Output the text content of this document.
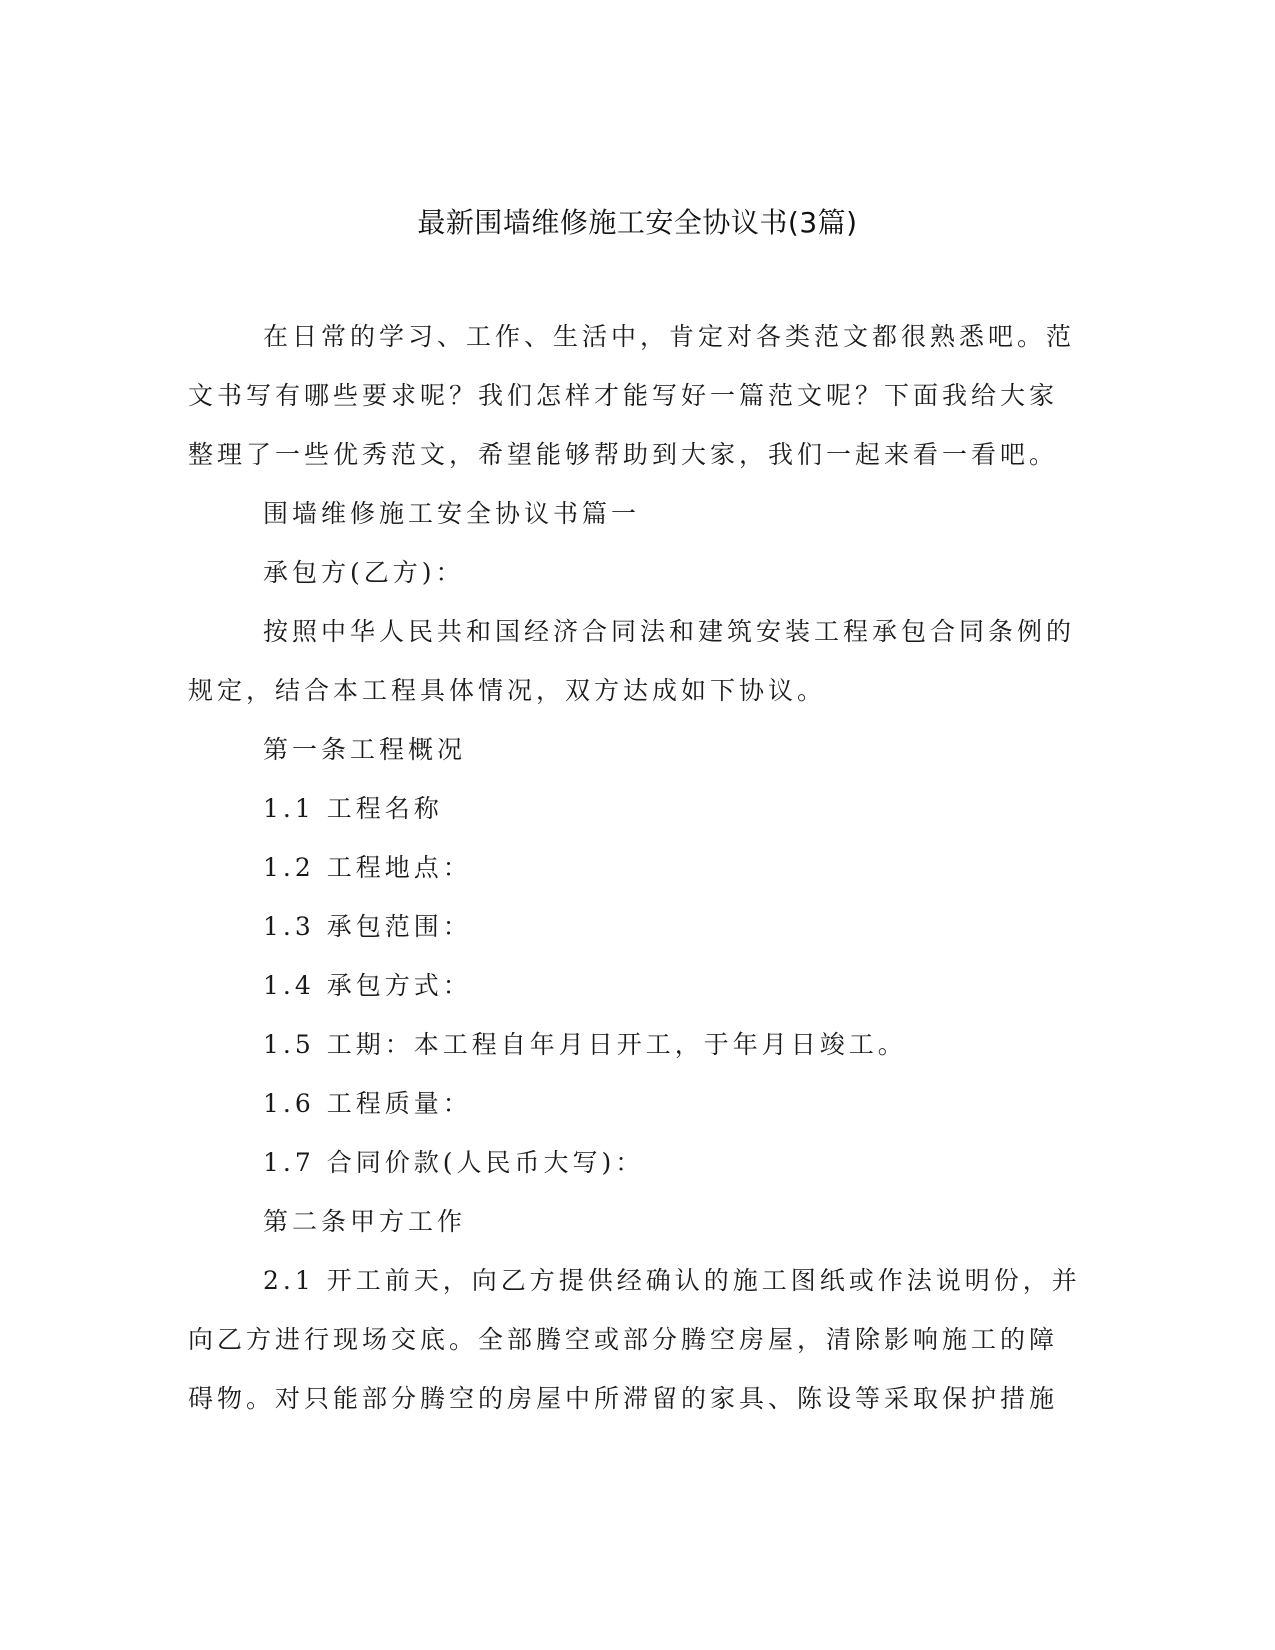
最新围墙维修施工安全协议书(3篇)
在日常的学习、工作、生活中，肯定对各类范文都很熟悉吧。范
文书写有哪些要求呢？我们怎样才能写好一篇范文呢？下面我给大家
整理了一些优秀范文，希望能够帮助到大家，我们一起来看一看吧。
围墙维修施工安全协议书篇一
承包方(乙方)：
按照中华人民共和国经济合同法和建筑安装工程承包合同条例的
规定，结合本工程具体情况，双方达成如下协议。
第一条工程概况
1.1 工程名称
1.2 工程地点：
1.3 承包范围：
1.4 承包方式：
1.5 工期：本工程自年月日开工，于年月日竣工。
1.6 工程质量：
1.7 合同价款(人民币大写)：
第二条甲方工作
2.1 开工前天，向乙方提供经确认的施工图纸或作法说明份，并
向乙方进行现场交底。全部腾空或部分腾空房屋，清除影响施工的障
碍物。对只能部分腾空的房屋中所滞留的家具、陈设等采取保护措施
